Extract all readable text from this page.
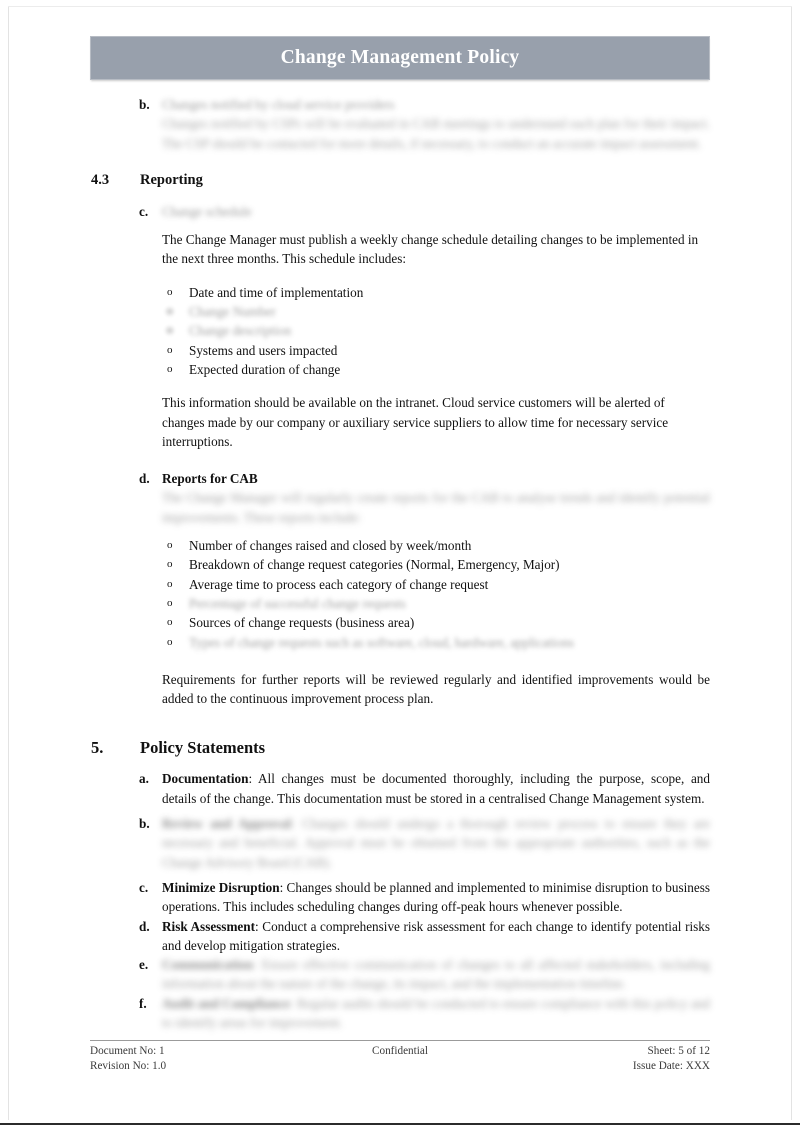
Change Management Policy
b. Changes notified by cloud service providers
Changes notified by CSPs will be evaluated in CAB meetings to understand each plan for their impact. The CSP should be contacted for more details, if necessary, to conduct an accurate impact assessment.
4.3 Reporting
c. Change schedule
The Change Manager must publish a weekly change schedule detailing changes to be implemented in the next three months. This schedule includes:
o Date and time of implementation
o Change Number
o Change description
o Systems and users impacted
o Expected duration of change
This information should be available on the intranet. Cloud service customers will be alerted of changes made by our company or auxiliary service suppliers to allow time for necessary service interruptions.
d. Reports for CAB
The Change Manager will regularly create reports for the CAB to analyse trends and identify potential improvements. These reports include:
o Number of changes raised and closed by week/month
o Breakdown of change request categories (Normal, Emergency, Major)
o Average time to process each category of change request
o Percentage of successful change requests
o Sources of change requests (business area)
o Types of change requests such as software, cloud, hardware, applications
Requirements for further reports will be reviewed regularly and identified improvements would be added to the continuous improvement process plan.
5. Policy Statements
a. Documentation: All changes must be documented thoroughly, including the purpose, scope, and details of the change. This documentation must be stored in a centralised Change Management system.
b. Review and Approval: Changes should undergo a thorough review process to ensure they are necessary and beneficial. Approval must be obtained from the appropriate authorities, such as the Change Advisory Board (CAB).
c. Minimize Disruption: Changes should be planned and implemented to minimise disruption to business operations. This includes scheduling changes during off-peak hours whenever possible.
d. Risk Assessment: Conduct a comprehensive risk assessment for each change to identify potential risks and develop mitigation strategies.
e. Communication: Ensure effective communication of changes to all affected stakeholders, including information about the nature of the change, its impact, and the implementation timeline.
f. Audit and Compliance: Regular audits should be conducted to ensure compliance with this policy and to identify areas for improvement.
Document No: 1
Revision No: 1.0
Confidential	Sheet: 5 of 12
Issue Date: XXX
